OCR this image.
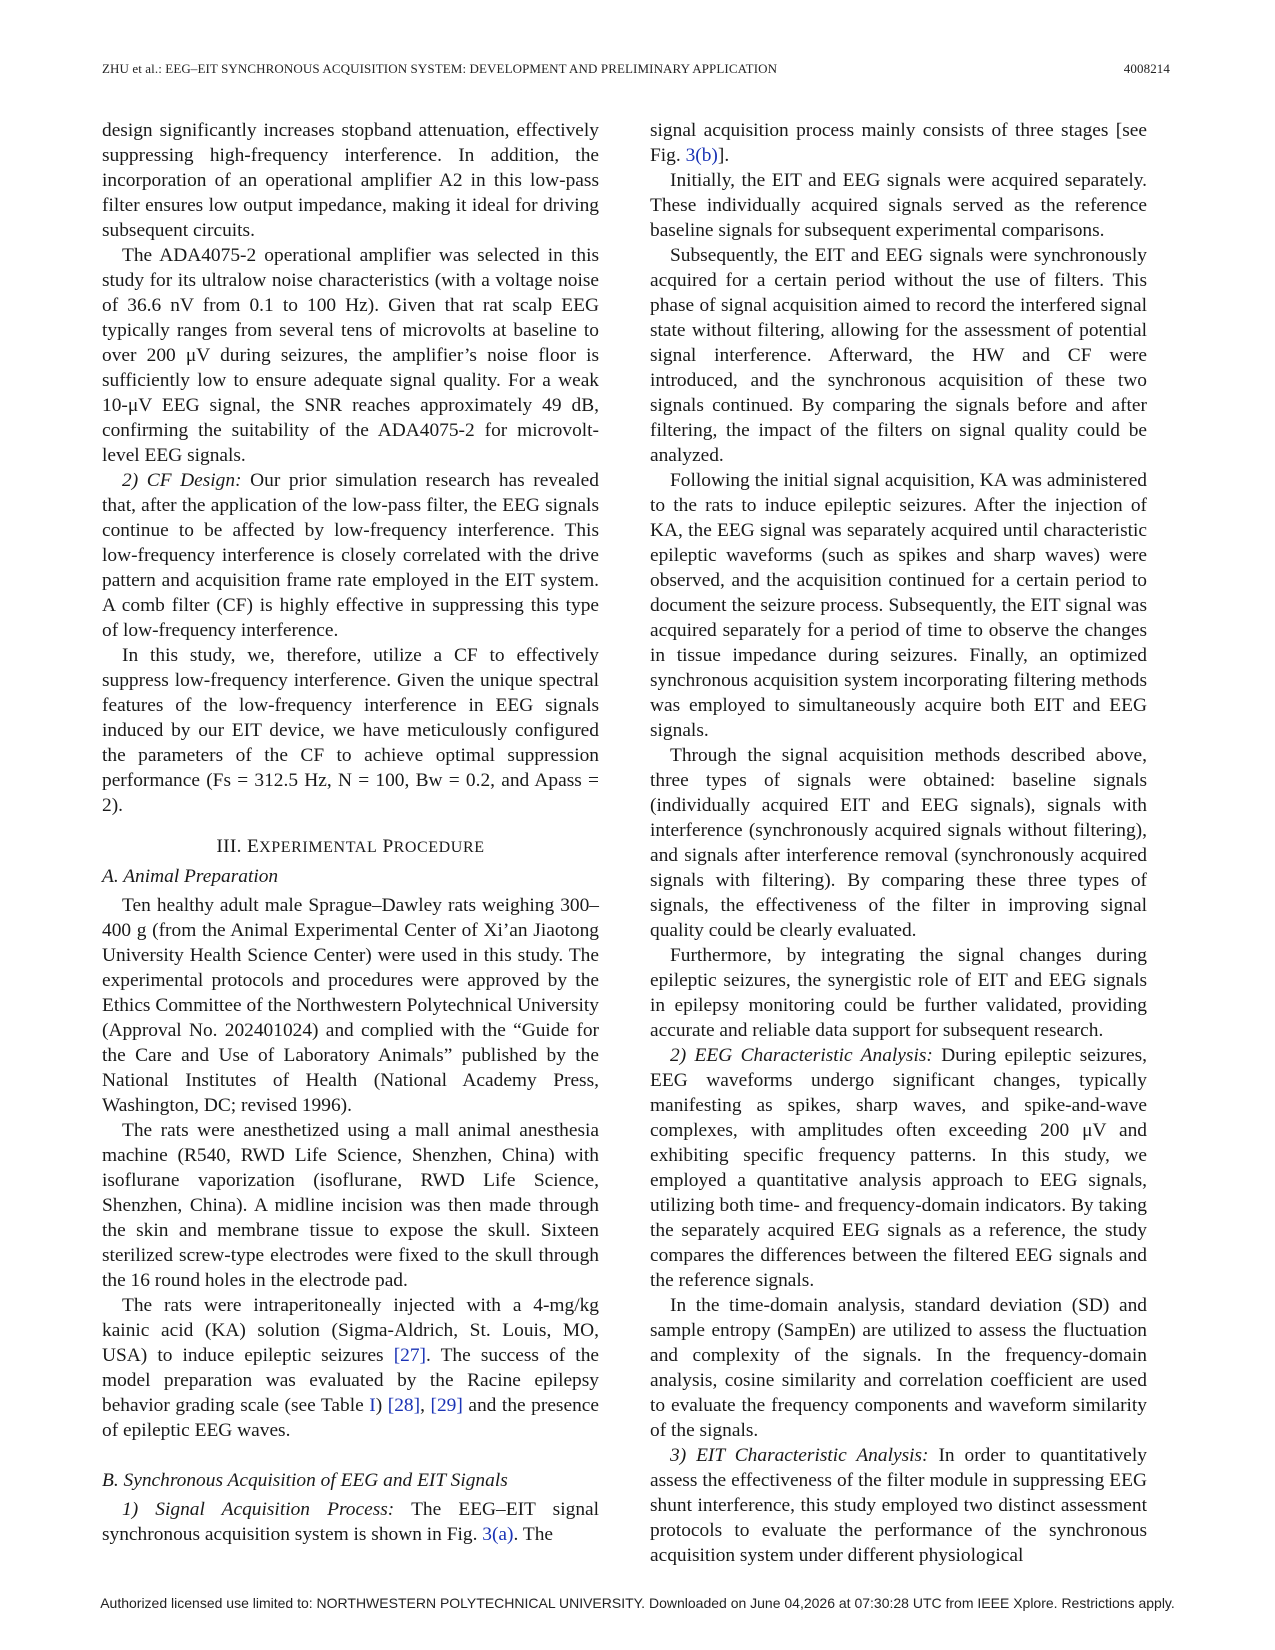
ZHU et al.: EEG–EIT SYNCHRONOUS ACQUISITION SYSTEM: DEVELOPMENT AND PRELIMINARY APPLICATION	4008214

design significantly increases stopband attenuation, effectively suppressing high-frequency interference. In addition, the incorporation of an operational amplifier A2 in this low-pass filter ensures low output impedance, making it ideal for driving subsequent circuits.

The ADA4075-2 operational amplifier was selected in this study for its ultralow noise characteristics (with a voltage noise of 36.6 nV from 0.1 to 100 Hz). Given that rat scalp EEG typically ranges from several tens of microvolts at baseline to over 200 μV during seizures, the amplifier’s noise floor is sufficiently low to ensure adequate signal quality. For a weak 10-μV EEG signal, the SNR reaches approximately 49 dB, confirming the suitability of the ADA4075-2 for microvolt-level EEG signals.

2) CF Design: Our prior simulation research has revealed that, after the application of the low-pass filter, the EEG signals continue to be affected by low-frequency interference. This low-frequency interference is closely correlated with the drive pattern and acquisition frame rate employed in the EIT system. A comb filter (CF) is highly effective in suppressing this type of low-frequency interference.

In this study, we, therefore, utilize a CF to effectively suppress low-frequency interference. Given the unique spectral features of the low-frequency interference in EEG signals induced by our EIT device, we have meticulously configured the parameters of the CF to achieve optimal suppression performance (Fs = 312.5 Hz, N = 100, Bw = 0.2, and Apass = 2).

III. EXPERIMENTAL PROCEDURE
A. Animal Preparation

Ten healthy adult male Sprague–Dawley rats weighing 300–400 g (from the Animal Experimental Center of Xi’an Jiaotong University Health Science Center) were used in this study. The experimental protocols and procedures were approved by the Ethics Committee of the Northwestern Polytechnical University (Approval No. 202401024) and complied with the “Guide for the Care and Use of Laboratory Animals” published by the National Institutes of Health (National Academy Press, Washington, DC; revised 1996).

The rats were anesthetized using a mall animal anesthesia machine (R540, RWD Life Science, Shenzhen, China) with isoflurane vaporization (isoflurane, RWD Life Science, Shenzhen, China). A midline incision was then made through the skin and membrane tissue to expose the skull. Sixteen sterilized screw-type electrodes were fixed to the skull through the 16 round holes in the electrode pad.

The rats were intraperitoneally injected with a 4-mg/kg kainic acid (KA) solution (Sigma-Aldrich, St. Louis, MO, USA) to induce epileptic seizures [27]. The success of the model preparation was evaluated by the Racine epilepsy behavior grading scale (see Table I) [28], [29] and the presence of epileptic EEG waves.

B. Synchronous Acquisition of EEG and EIT Signals

1) Signal Acquisition Process: The EEG–EIT signal synchronous acquisition system is shown in Fig. 3(a). The

signal acquisition process mainly consists of three stages [see Fig. 3(b)].

Initially, the EIT and EEG signals were acquired separately. These individually acquired signals served as the reference baseline signals for subsequent experimental comparisons.

Subsequently, the EIT and EEG signals were synchronously acquired for a certain period without the use of filters. This phase of signal acquisition aimed to record the interfered signal state without filtering, allowing for the assessment of potential signal interference. Afterward, the HW and CF were introduced, and the synchronous acquisition of these two signals continued. By comparing the signals before and after filtering, the impact of the filters on signal quality could be analyzed.

Following the initial signal acquisition, KA was administered to the rats to induce epileptic seizures. After the injection of KA, the EEG signal was separately acquired until characteristic epileptic waveforms (such as spikes and sharp waves) were observed, and the acquisition continued for a certain period to document the seizure process. Subsequently, the EIT signal was acquired separately for a period of time to observe the changes in tissue impedance during seizures. Finally, an optimized synchronous acquisition system incorporating filtering methods was employed to simultaneously acquire both EIT and EEG signals.

Through the signal acquisition methods described above, three types of signals were obtained: baseline signals (individually acquired EIT and EEG signals), signals with interference (synchronously acquired signals without filtering), and signals after interference removal (synchronously acquired signals with filtering). By comparing these three types of signals, the effectiveness of the filter in improving signal quality could be clearly evaluated.

Furthermore, by integrating the signal changes during epileptic seizures, the synergistic role of EIT and EEG signals in epilepsy monitoring could be further validated, providing accurate and reliable data support for subsequent research.

2) EEG Characteristic Analysis: During epileptic seizures, EEG waveforms undergo significant changes, typically manifesting as spikes, sharp waves, and spike-and-wave complexes, with amplitudes often exceeding 200 μV and exhibiting specific frequency patterns. In this study, we employed a quantitative analysis approach to EEG signals, utilizing both time- and frequency-domain indicators. By taking the separately acquired EEG signals as a reference, the study compares the differences between the filtered EEG signals and the reference signals.

In the time-domain analysis, standard deviation (SD) and sample entropy (SampEn) are utilized to assess the fluctuation and complexity of the signals. In the frequency-domain analysis, cosine similarity and correlation coefficient are used to evaluate the frequency components and waveform similarity of the signals.

3) EIT Characteristic Analysis: In order to quantitatively assess the effectiveness of the filter module in suppressing EEG shunt interference, this study employed two distinct assessment protocols to evaluate the performance of the synchronous acquisition system under different physiological

Authorized licensed use limited to: NORTHWESTERN POLYTECHNICAL UNIVERSITY. Downloaded on June 04,2026 at 07:30:28 UTC from IEEE Xplore. Restrictions apply.
